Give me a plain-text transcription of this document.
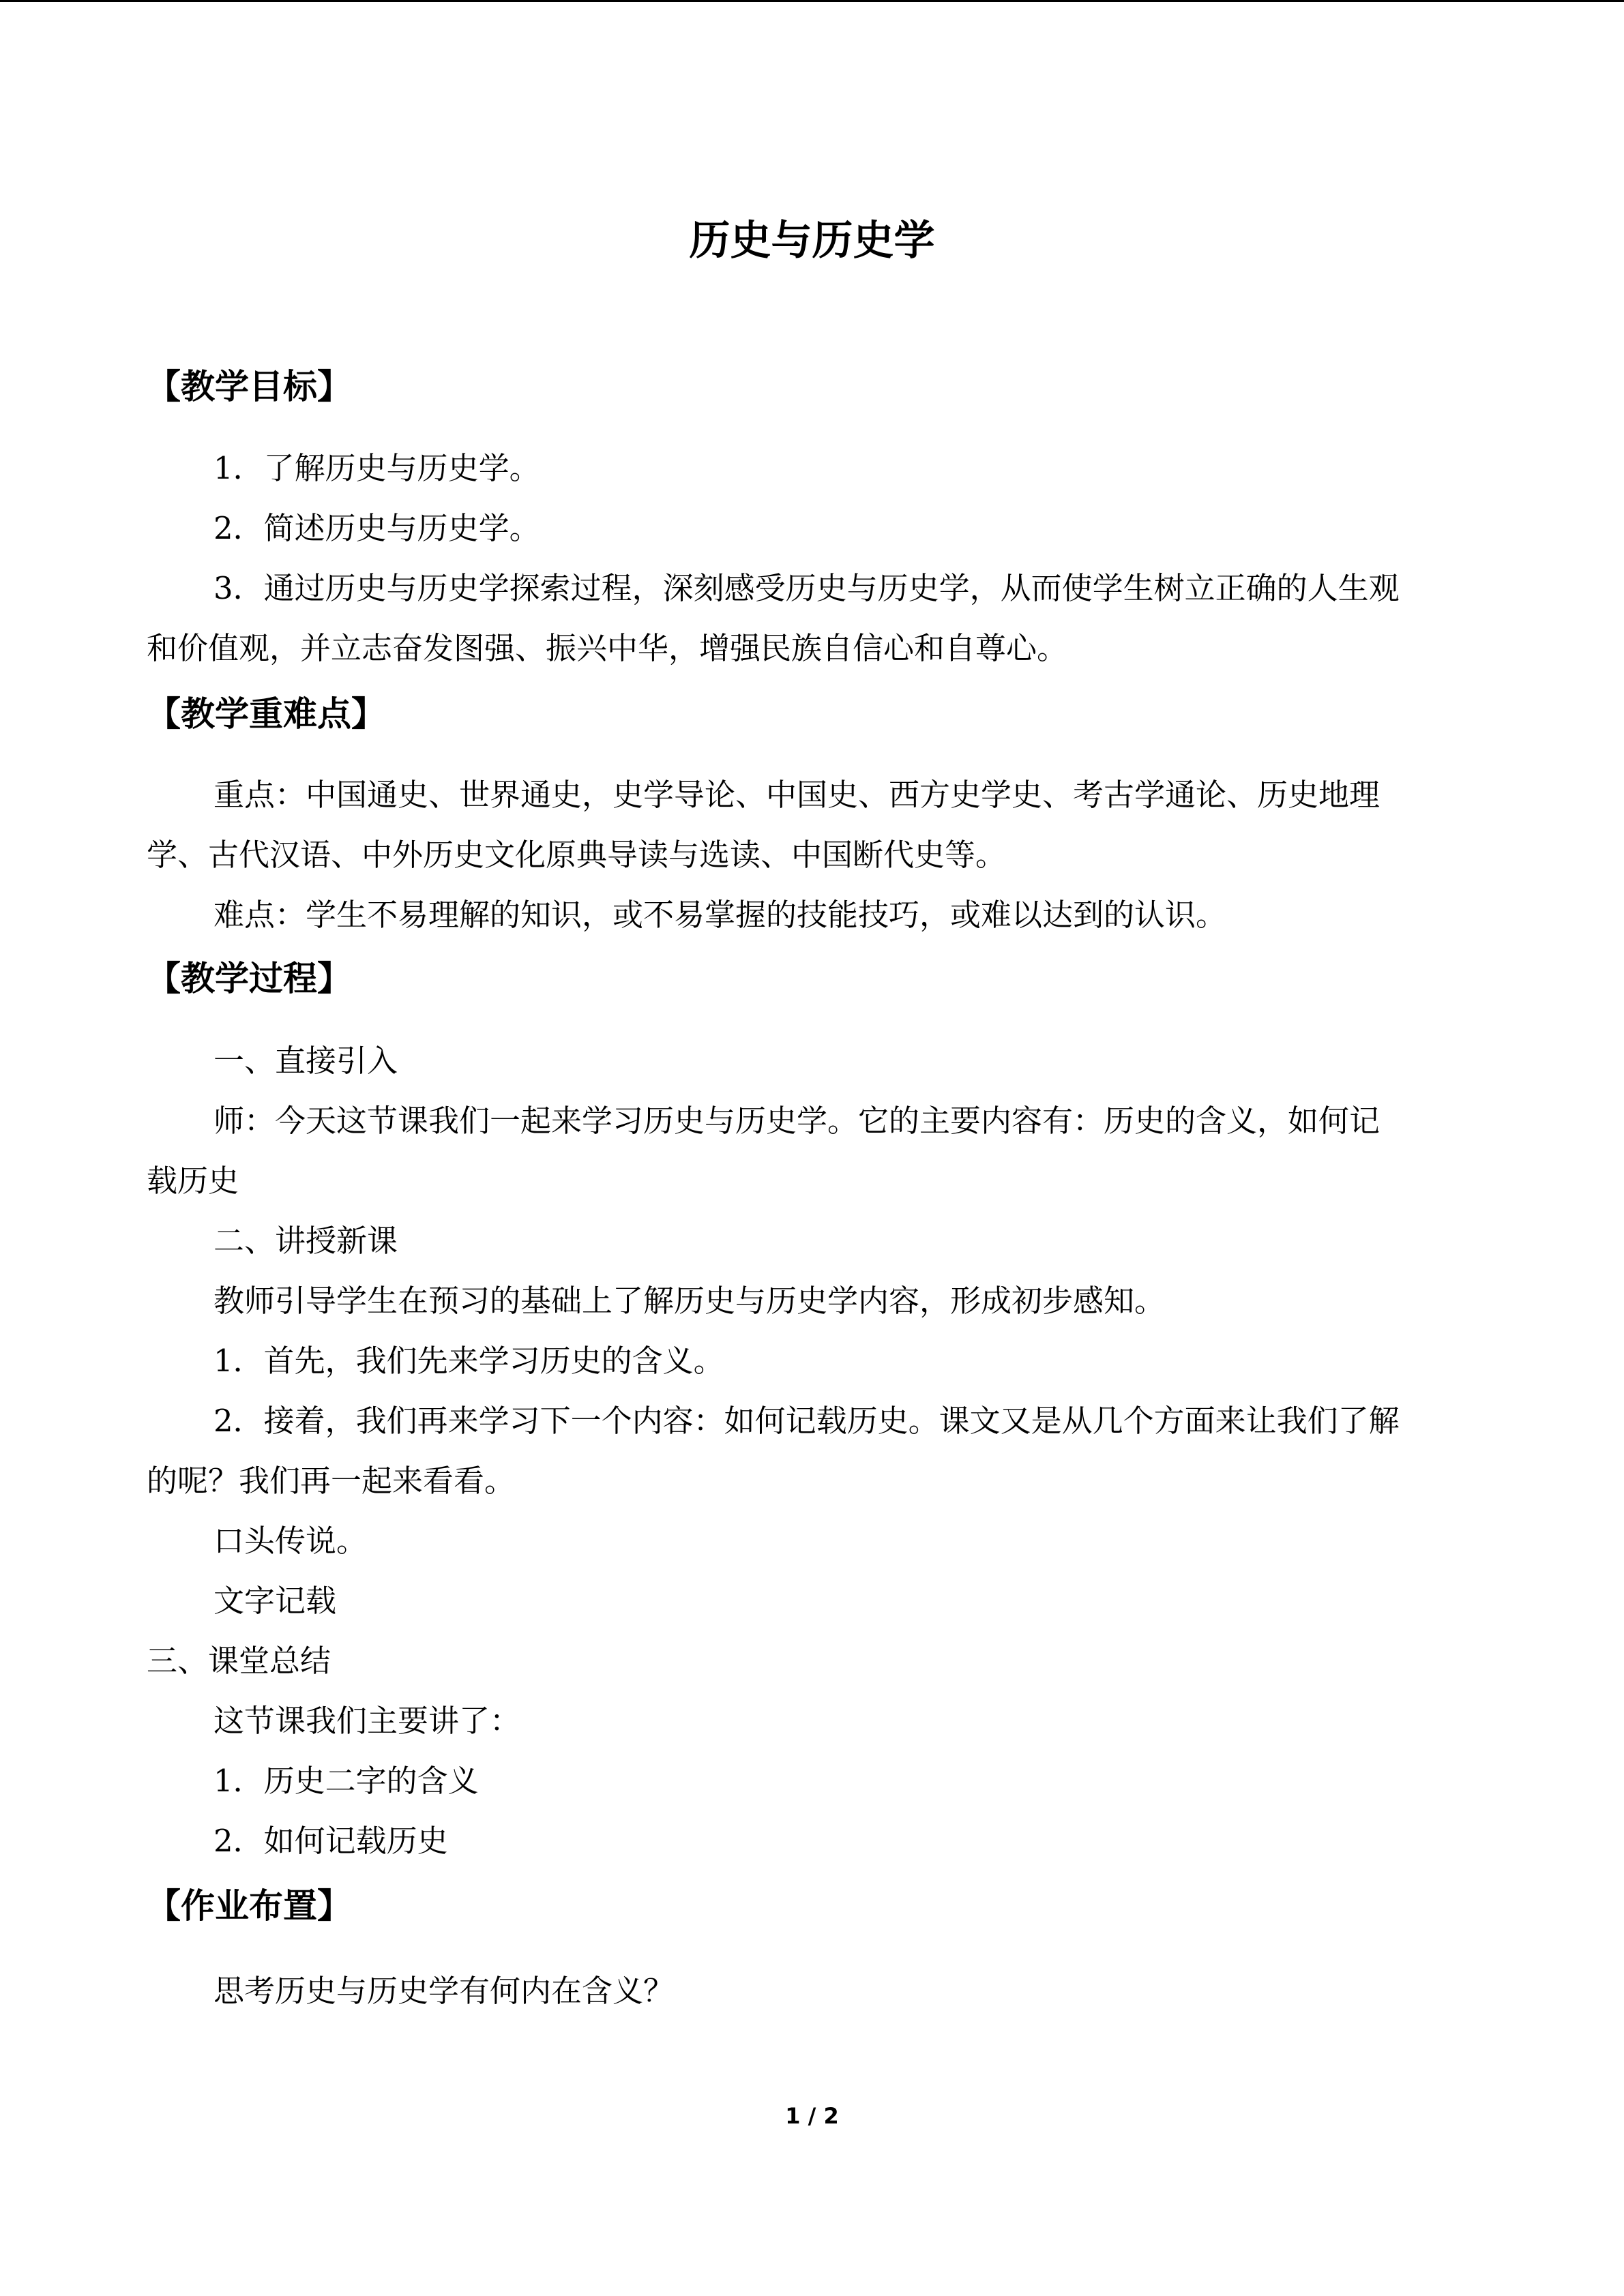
历史与历史学
【教学目标】

1．了解历史与历史学。

2．简述历史与历史学。

3．通过历史与历史学探索过程，深刻感受历史与历史学，从而使学生树立正确的人生观

和价值观，并立志奋发图强、振兴中华，增强民族自信心和自尊心。

【教学重难点】

重点：中国通史、世界通史，史学导论、中国史、西方史学史、考古学通论、历史地理

学、古代汉语、中外历史文化原典导读与选读、中国断代史等。

难点：学生不易理解的知识，或不易掌握的技能技巧，或难以达到的认识。

【教学过程】

一、直接引入

师：今天这节课我们一起来学习历史与历史学。它的主要内容有：历史的含义，如何记

载历史

二、讲授新课

教师引导学生在预习的基础上了解历史与历史学内容，形成初步感知。

1．首先，我们先来学习历史的含义。

2．接着，我们再来学习下一个内容：如何记载历史。课文又是从几个方面来让我们了解

的呢？我们再一起来看看。

口头传说。

文字记载

三、课堂总结

这节课我们主要讲了：

1．历史二字的含义

2．如何记载历史

【作业布置】

思考历史与历史学有何内在含义？

1 / 2
